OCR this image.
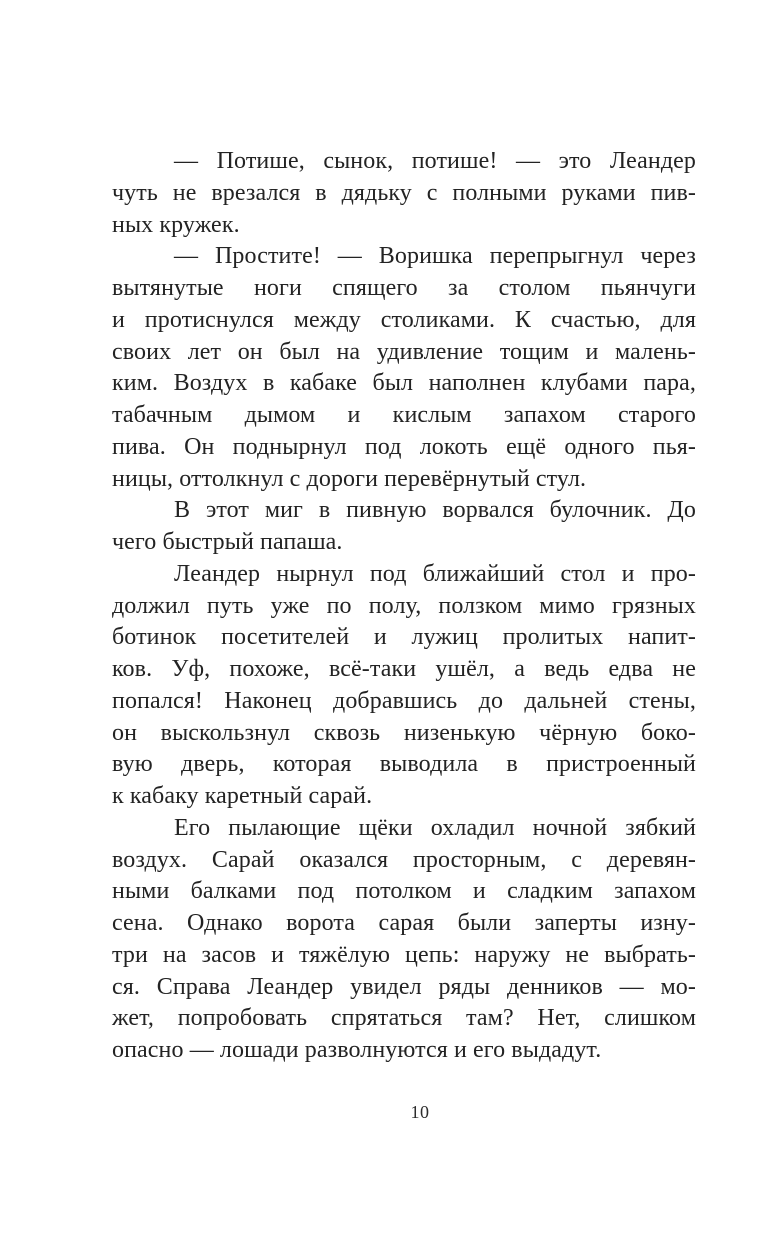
— Потише, сынок, потише! — это Леандер
чуть не врезался в дядьку с полными руками пив-
ных кружек.
— Простите! — Воришка перепрыгнул через
вытянутые ноги спящего за столом пьянчуги
и протиснулся между столиками. К счастью, для
своих лет он был на удивление тощим и малень-
ким. Воздух в кабаке был наполнен клубами пара,
табачным дымом и кислым запахом старого
пива. Он поднырнул под локоть ещё одного пья-
ницы, оттолкнул с дороги перевёрнутый стул.
В этот миг в пивную ворвался булочник. До
чего быстрый папаша.
Леандер нырнул под ближайший стол и про-
должил путь уже по полу, ползком мимо грязных
ботинок посетителей и лужиц пролитых напит-
ков. Уф, похоже, всё-таки ушёл, а ведь едва не
попался! Наконец добравшись до дальней стены,
он выскользнул сквозь низенькую чёрную боко-
вую дверь, которая выводила в пристроенный
к кабаку каретный сарай.
Его пылающие щёки охладил ночной зябкий
воздух. Сарай оказался просторным, с деревян-
ными балками под потолком и сладким запахом
сена. Однако ворота сарая были заперты изну-
три на засов и тяжёлую цепь: наружу не выбрать-
ся. Справа Леандер увидел ряды денников — мо-
жет, попробовать спрятаться там? Нет, слишком
опасно — лошади разволнуются и его выдадут.
10
